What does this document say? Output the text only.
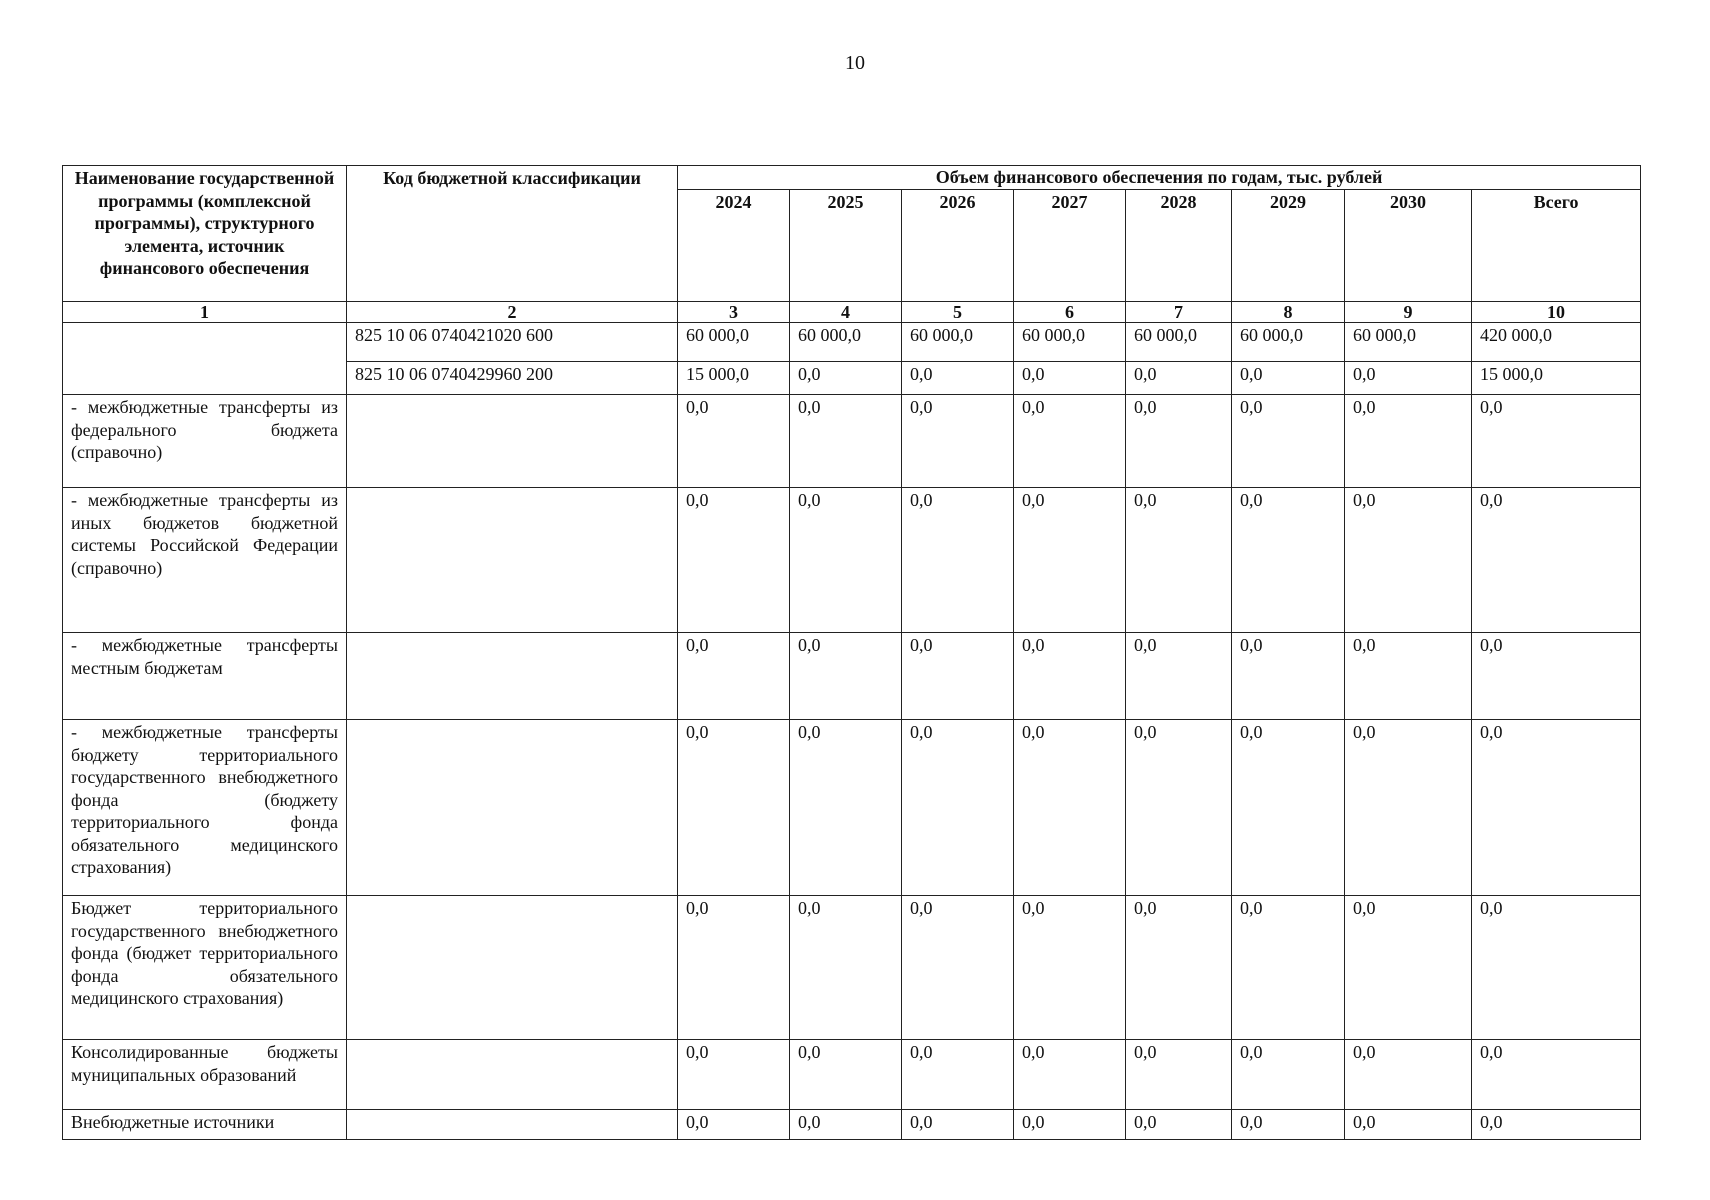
10
Наименование государственной программы (комплексной программы), структурного элемента, источник финансового обеспечения	Код бюджетной классификации	Объем финансового обеспечения по годам, тыс. рублей							
		2024	2025	2026	2027	2028	2029	2030	Всего
1	2	3	4	5	6	7	8	9	10
	825 10 06 0740421020 600	60 000,0	60 000,0	60 000,0	60 000,0	60 000,0	60 000,0	60 000,0	420 000,0
	825 10 06 0740429960 200	15 000,0	0,0	0,0	0,0	0,0	0,0	0,0	15 000,0
- межбюджетные трансферты из федерального бюджета (справочно)		0,0	0,0	0,0	0,0	0,0	0,0	0,0	0,0
- межбюджетные трансферты из иных бюджетов бюджетной системы Российской Федерации (справочно)		0,0	0,0	0,0	0,0	0,0	0,0	0,0	0,0
- межбюджетные трансферты местным бюджетам		0,0	0,0	0,0	0,0	0,0	0,0	0,0	0,0
- межбюджетные трансферты бюджету территориального государственного внебюджетного фонда (бюджету территориального фонда обязательного медицинского страхования)		0,0	0,0	0,0	0,0	0,0	0,0	0,0	0,0
Бюджет территориального государственного внебюджетного фонда (бюджет территориального фонда обязательного медицинского страхования)		0,0	0,0	0,0	0,0	0,0	0,0	0,0	0,0
Консолидированные бюджеты муниципальных образований		0,0	0,0	0,0	0,0	0,0	0,0	0,0	0,0
Внебюджетные источники		0,0	0,0	0,0	0,0	0,0	0,0	0,0	0,0
